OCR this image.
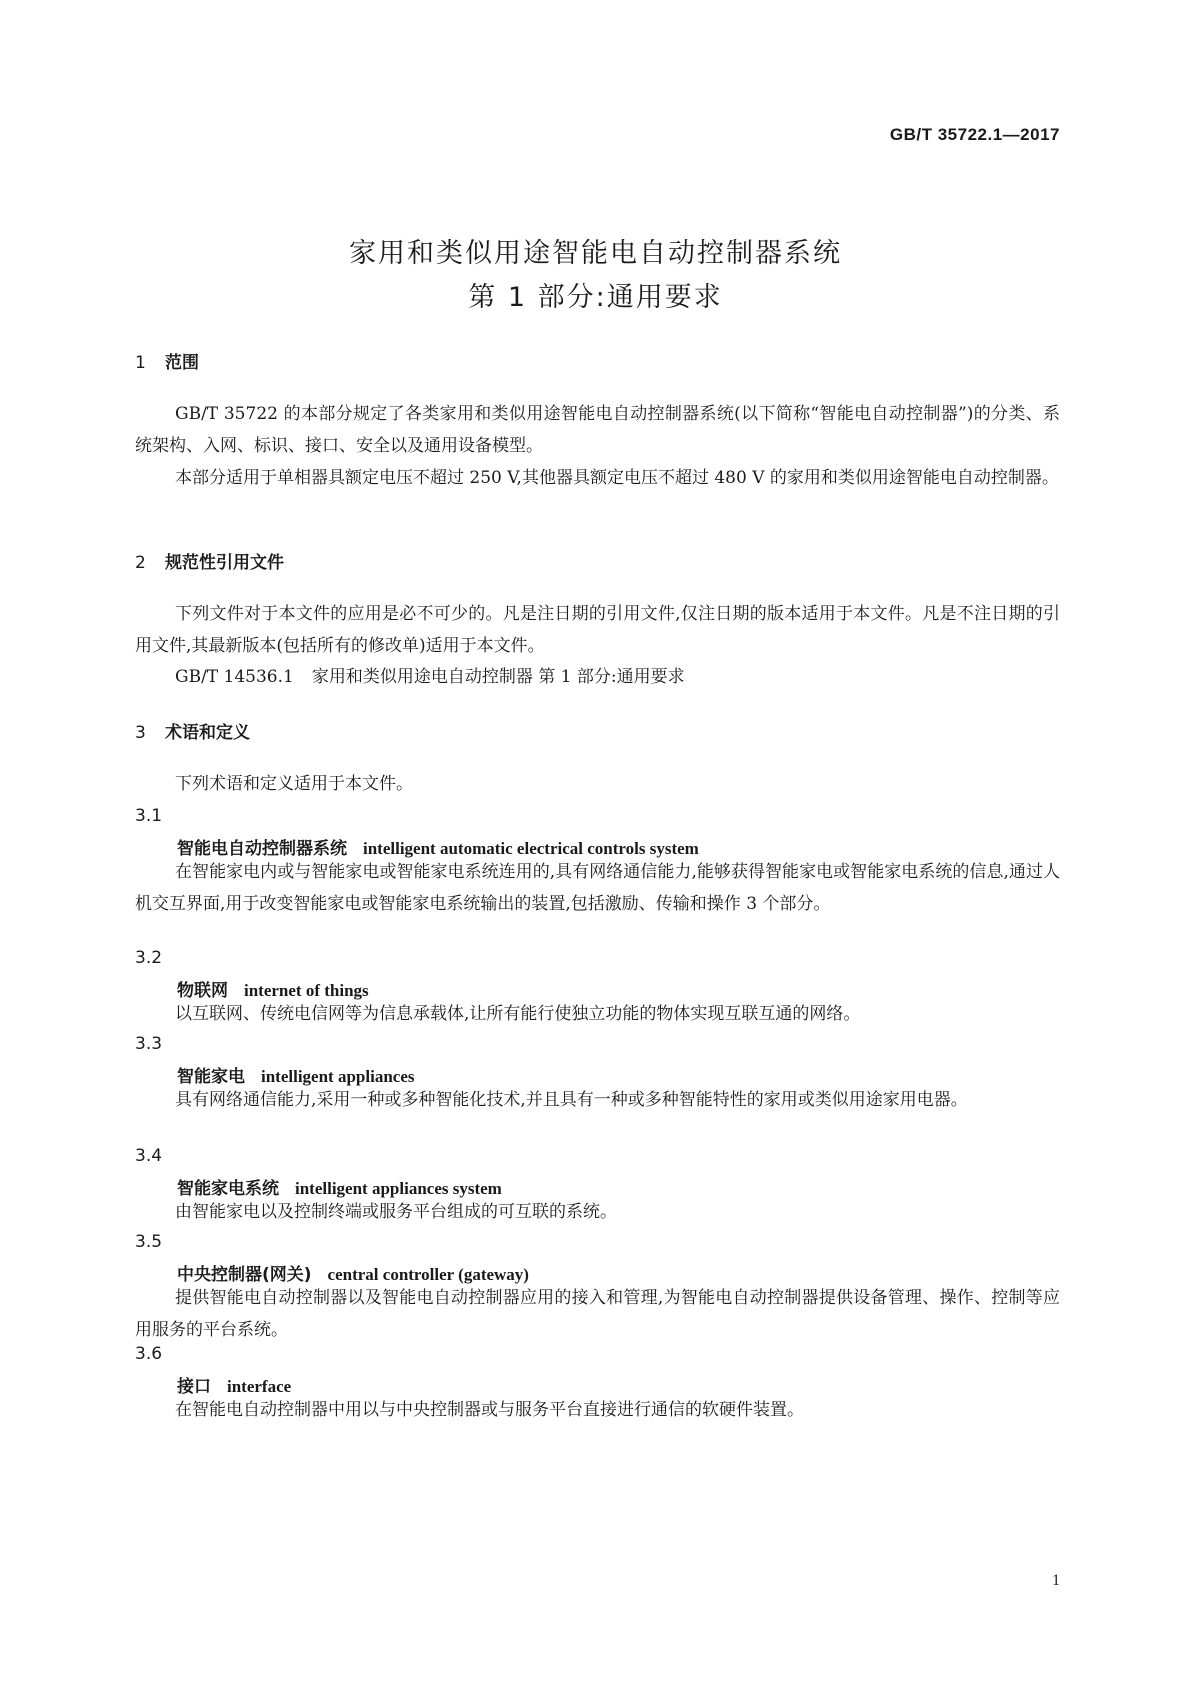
GB/T 35722.1—2017
家用和类似用途智能电自动控制器系统
第 1 部分:通用要求
1 范围
GB/T 35722 的本部分规定了各类家用和类似用途智能电自动控制器系统(以下简称“智能电自动控制器”)的分类、系统架构、入网、标识、接口、安全以及通用设备模型。
本部分适用于单相器具额定电压不超过 250 V,其他器具额定电压不超过 480 V 的家用和类似用途智能电自动控制器。
2 规范性引用文件
下列文件对于本文件的应用是必不可少的。凡是注日期的引用文件,仅注日期的版本适用于本文件。凡是不注日期的引用文件,其最新版本(包括所有的修改单)适用于本文件。
GB/T 14536.1 家用和类似用途电自动控制器 第 1 部分:通用要求
3 术语和定义
下列术语和定义适用于本文件。
3.1
智能电自动控制器系统 intelligent automatic electrical controls system
在智能家电内或与智能家电或智能家电系统连用的,具有网络通信能力,能够获得智能家电或智能家电系统的信息,通过人机交互界面,用于改变智能家电或智能家电系统输出的装置,包括激励、传输和操作 3 个部分。
3.2
物联网 internet of things
以互联网、传统电信网等为信息承载体,让所有能行使独立功能的物体实现互联互通的网络。
3.3
智能家电 intelligent appliances
具有网络通信能力,采用一种或多种智能化技术,并且具有一种或多种智能特性的家用或类似用途家用电器。
3.4
智能家电系统 intelligent appliances system
由智能家电以及控制终端或服务平台组成的可互联的系统。
3.5
中央控制器(网关) central controller (gateway)
提供智能电自动控制器以及智能电自动控制器应用的接入和管理,为智能电自动控制器提供设备管理、操作、控制等应用服务的平台系统。
3.6
接口 interface
在智能电自动控制器中用以与中央控制器或与服务平台直接进行通信的软硬件装置。
1
